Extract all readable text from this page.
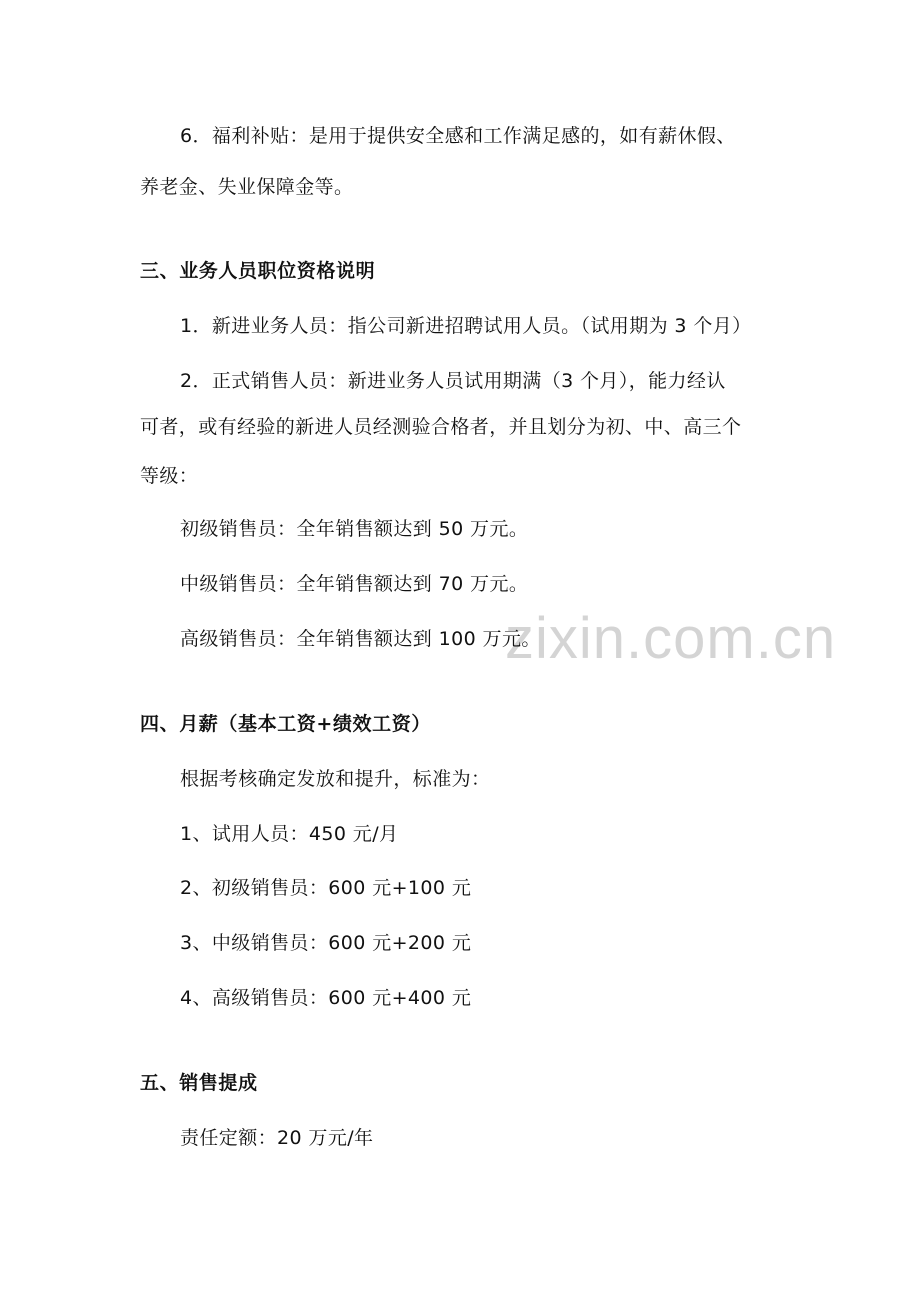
zixin.com.cn
6．福利补贴：是用于提供安全感和工作满足感的，如有薪休假、
养老金、失业保障金等。
三、业务人员职位资格说明
1．新进业务人员：指公司新进招聘试用人员。（试用期为 3 个月）
2．正式销售人员：新进业务人员试用期满（3 个月），能力经认
可者，或有经验的新进人员经测验合格者，并且划分为初、中、高三个
等级：
初级销售员：全年销售额达到 50 万元。
中级销售员：全年销售额达到 70 万元。
高级销售员：全年销售额达到 100 万元。
四、月薪（基本工资+绩效工资）
根据考核确定发放和提升，标准为：
1、试用人员：450 元/月
2、初级销售员：600 元+100 元
3、中级销售员：600 元+200 元
4、高级销售员：600 元+400 元
五、销售提成
责任定额：20 万元/年
